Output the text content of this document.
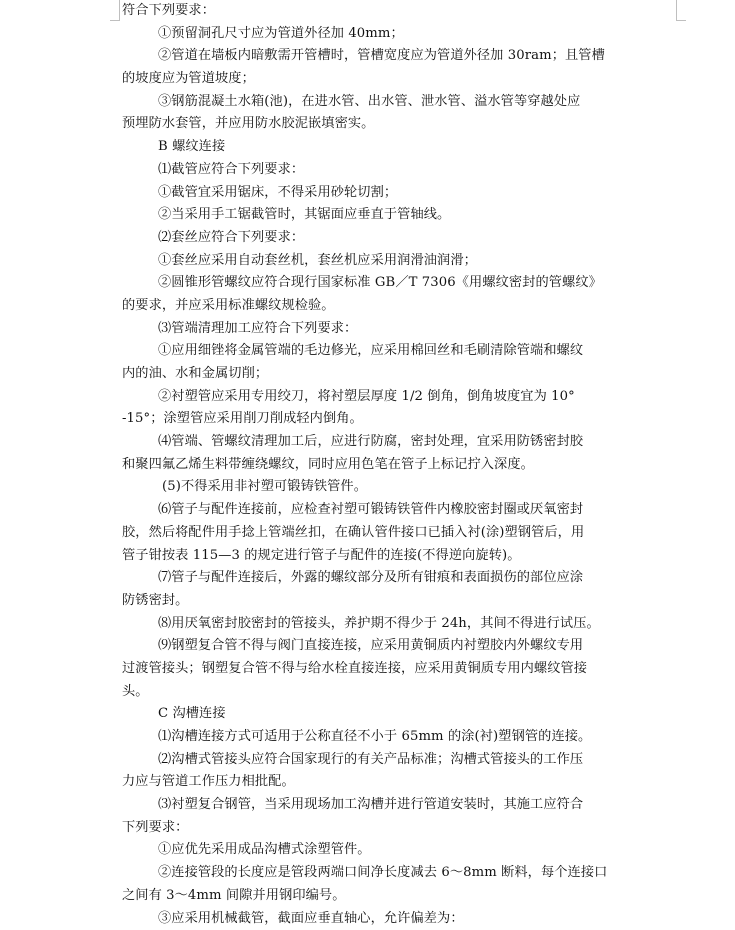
符合下列要求：
①预留洞孔尺寸应为管道外径加 40mm；
②管道在墙板内暗敷需开管槽时，管槽宽度应为管道外径加 30ram；且管槽
的坡度应为管道坡度；
③钢筋混凝土水箱(池)，在进水管、出水管、泄水管、溢水管等穿越处应
预埋防水套管，并应用防水胶泥嵌填密实。
B 螺纹连接
⑴截管应符合下列要求：
①截管宜采用锯床，不得采用砂轮切割；
②当采用手工锯截管时，其锯面应垂直于管轴线。
⑵套丝应符合下列要求：
①套丝应采用自动套丝机，套丝机应采用润滑油润滑；
②圆锥形管螺纹应符合现行国家标准 GB／T 7306《用螺纹密封的管螺纹》
的要求，并应采用标准螺纹规检验。
⑶管端清理加工应符合下列要求：
①应用细锉将金属管端的毛边修光，应采用棉回丝和毛刷清除管端和螺纹
内的油、水和金属切削；
②衬塑管应采用专用绞刀，将衬塑层厚度 1/2 倒角，倒角坡度宜为 10°
-15°；涂塑管应采用削刀削成轻内倒角。
⑷管端、管螺纹清理加工后，应进行防腐，密封处理，宜采用防锈密封胶
和聚四氟乙烯生料带缠绕螺纹，同时应用色笔在管子上标记拧入深度。
(5)不得采用非衬塑可锻铸铁管件。
⑹管子与配件连接前，应检查衬塑可锻铸铁管件内橡胶密封圈或厌氧密封
胶，然后将配件用手捻上管端丝扣，在确认管件接口已插入衬(涂)塑钢管后，用
管子钳按表 115—3 的规定进行管子与配件的连接(不得逆向旋转)。
⑺管子与配件连接后，外露的螺纹部分及所有钳痕和表面损伤的部位应涂
防锈密封。
⑻用厌氧密封胶密封的管接头，养护期不得少于 24h，其间不得进行试压。
⑼钢塑复合管不得与阀门直接连接，应采用黄铜质内衬塑胶内外螺纹专用
过渡管接头；钢塑复合管不得与给水栓直接连接，应采用黄铜质专用内螺纹管接
头。
C 沟槽连接
⑴沟槽连接方式可适用于公称直径不小于 65mm 的涂(衬)塑钢管的连接。
⑵沟槽式管接头应符合国家现行的有关产品标准；沟槽式管接头的工作压
力应与管道工作压力相批配。
⑶衬塑复合钢管，当采用现场加工沟槽并进行管道安装时，其施工应符合
下列要求：
①应优先采用成品沟槽式涂塑管件。
②连接管段的长度应是管段两端口间净长度减去 6～8mm 断料，每个连接口
之间有 3～4mm 间隙并用钢印编号。
③应采用机械截管，截面应垂直轴心，允许偏差为：
